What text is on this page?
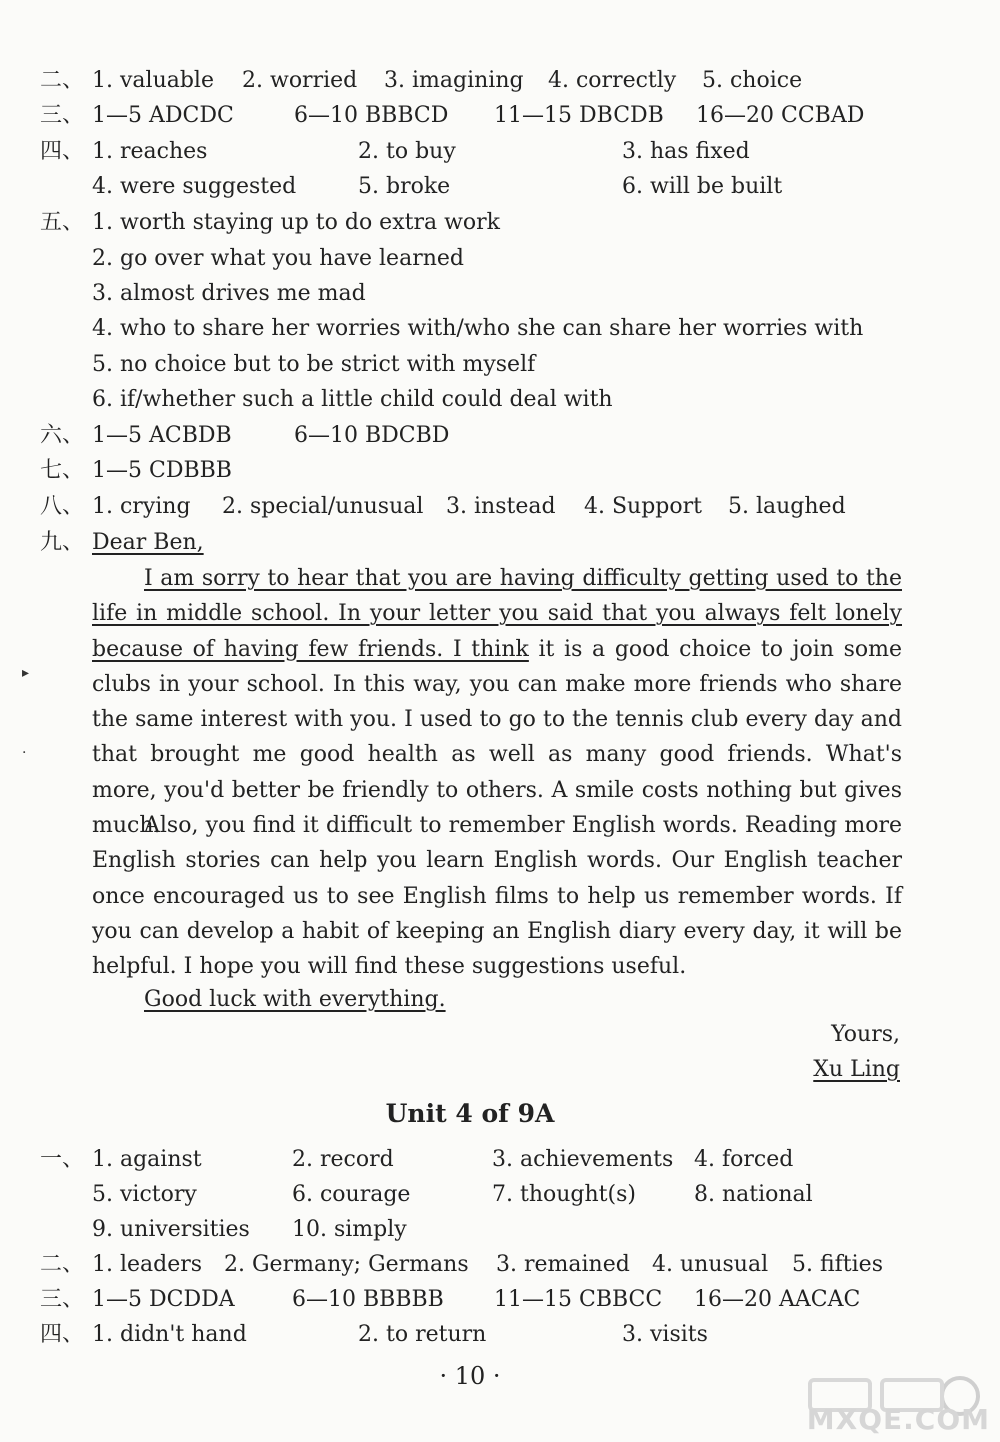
二、 1. valuable 2. worried 3. imagining 4. correctly 5. choice
三、 1—5 ADCDC	6—10 BBBCD 11—15 DBCDB 16—20 CCBAD
四、 1. reaches	2. to buy	3. has fixed
4. were suggested	5. broke	6. will be built
五、 1. worth staying up to do extra work
2. go over what you have learned
3. almost drives me mad
4. who to share her worries with/who she can share her worries with
5. no choice but to be strict with myself
6. if/whether such a little child could deal with
六、 1—5 ACBDB	6—10 BDCBD
七、 1—5 CDBBB
八、 1. crying 2. special/unusual 3. instead 4. Support 5. laughed
九、 Dear Ben,
I am sorry to hear that you are having difficulty getting used to the life in middle school. In your letter you said that you always felt lonely because of having few friends. I think it is a good choice to join some clubs in your school. In this way, you can make more friends who share the same interest with you. I used to go to the tennis club every day and that brought me good health as well as many good friends. What's more, you'd better be friendly to others. A smile costs nothing but gives much.
Also, you find it difficult to remember English words. Reading more English stories can help you learn English words. Our English teacher once encouraged us to see English films to help us remember words. If you can develop a habit of keeping an English diary every day, it will be helpful. I hope you will find these suggestions useful.
Good luck with everything.
Yours,
Xu Ling
▸
·
Unit 4 of 9A
一、 1. against	2. record	3. achievements 4. forced
5. victory	6. courage	7. thought(s)	8. national
9. universities 10. simply
二、 1. leaders 2. Germany; Germans 3. remained 4. unusual 5. fifties
三、 1—5 DCDDA	6—10 BBBBB 11—15 CBBCC 16—20 AACAC
四、 1. didn't hand	2. to return	3. visits
· 10 ·
MXQE.COM
